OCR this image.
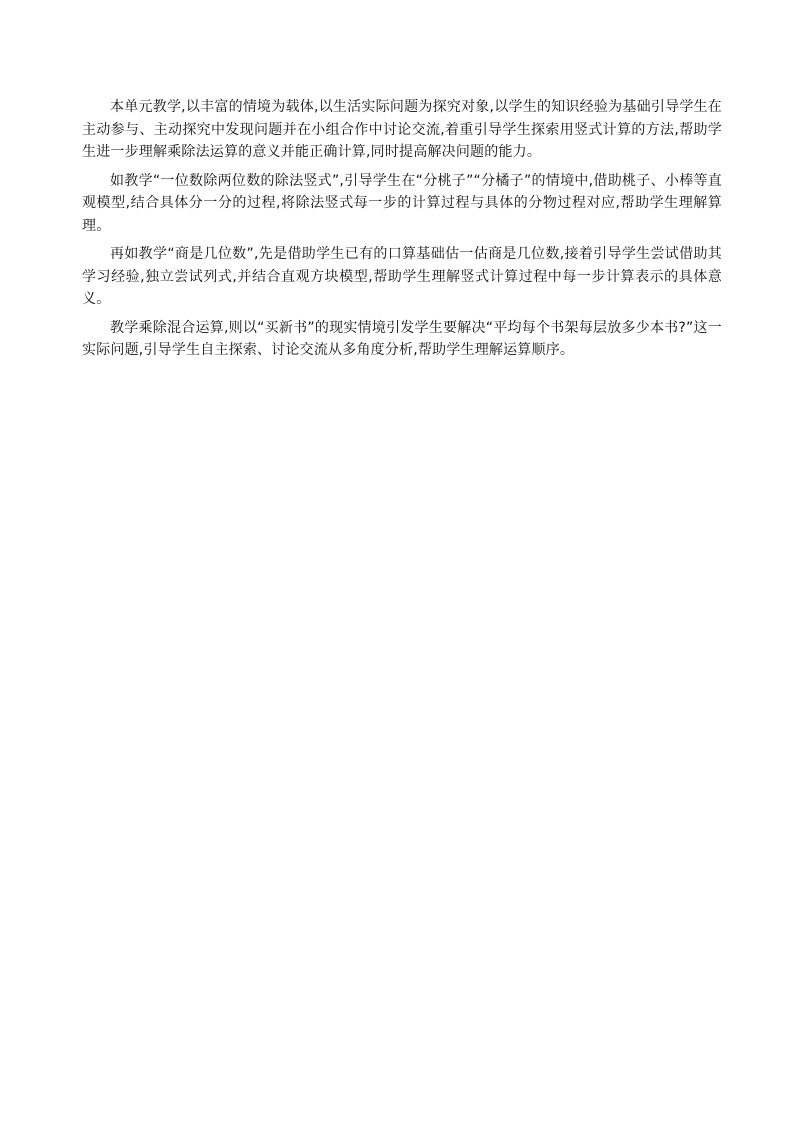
本单元教学,以丰富的情境为载体,以生活实际问题为探究对象,以学生的知识经验为基础引导学生在主动参与、主动探究中发现问题并在小组合作中讨论交流,着重引导学生探索用竖式计算的方法,帮助学生进一步理解乘除法运算的意义并能正确计算,同时提高解决问题的能力。

如教学“一位数除两位数的除法竖式”,引导学生在“分桃子”“分橘子”的情境中,借助桃子、小棒等直观模型,结合具体分一分的过程,将除法竖式每一步的计算过程与具体的分物过程对应,帮助学生理解算理。

再如教学“商是几位数”,先是借助学生已有的口算基础估一估商是几位数,接着引导学生尝试借助其学习经验,独立尝试列式,并结合直观方块模型,帮助学生理解竖式计算过程中每一步计算表示的具体意义。

教学乘除混合运算,则以“买新书”的现实情境引发学生要解决“平均每个书架每层放多少本书?”这一实际问题,引导学生自主探索、讨论交流从多角度分析,帮助学生理解运算顺序。
